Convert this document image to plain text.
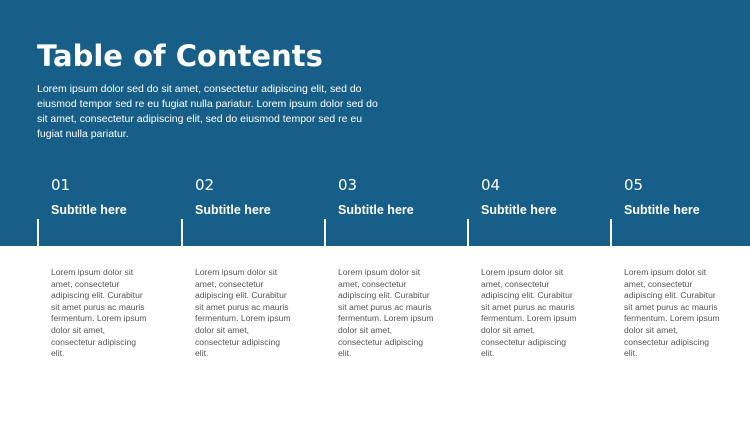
Table of Contents

Lorem ipsum dolor sed do sit amet, consectetur adipiscing elit, sed do eiusmod tempor sed re eu fugiat nulla pariatur. Lorem ipsum dolor sed do sit amet, consectetur adipiscing elit, sed do eiusmod tempor sed re eu fugiat nulla pariatur.

01
Subtitle here

Lorem ipsum dolor sit amet, consectetur adipiscing elit. Curabitur sit amet purus ac mauris fermentum. Lorem ipsum dolor sit amet, consectetur adipiscing elit.

02
Subtitle here

Lorem ipsum dolor sit amet, consectetur adipiscing elit. Curabitur sit amet purus ac mauris fermentum. Lorem ipsum dolor sit amet, consectetur adipiscing elit.

03
Subtitle here

Lorem ipsum dolor sit amet, consectetur adipiscing elit. Curabitur sit amet purus ac mauris fermentum. Lorem ipsum dolor sit amet, consectetur adipiscing elit.

04
Subtitle here

Lorem ipsum dolor sit amet, consectetur adipiscing elit. Curabitur sit amet purus ac mauris fermentum. Lorem ipsum dolor sit amet, consectetur adipiscing elit.

05
Subtitle here

Lorem ipsum dolor sit amet, consectetur adipiscing elit. Curabitur sit amet purus ac mauris fermentum. Lorem ipsum dolor sit amet, consectetur adipiscing elit.
